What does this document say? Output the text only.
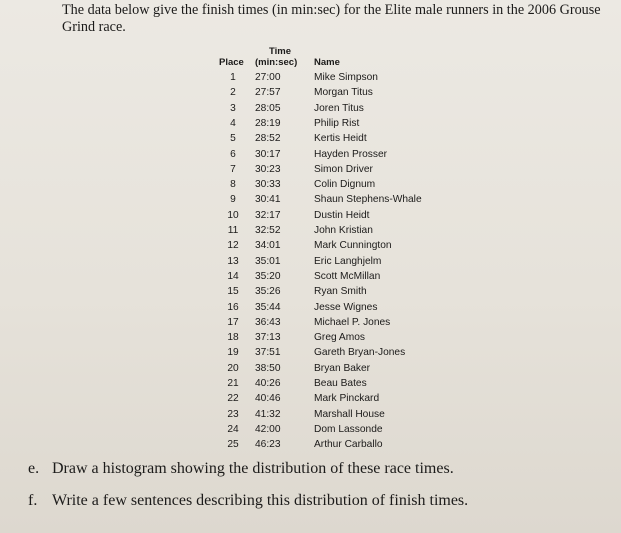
The data below give the finish times (in min:sec) for the Elite male runners in the 2006 Grouse Grind race.
Time
Place (min:sec) Name
1	27:00	Mike Simpson
2	27:57	Morgan Titus
3	28:05	Joren Titus
4	28:19	Philip Rist
5	28:52	Kertis Heidt
6	30:17	Hayden Prosser
7	30:23	Simon Driver
8	30:33	Colin Dignum
9	30:41	Shaun Stephens-Whale
10	32:17	Dustin Heidt
11	32:52	John Kristian
12	34:01	Mark Cunnington
13	35:01	Eric Langhjelm
14	35:20	Scott McMillan
15	35:26	Ryan Smith
16	35:44	Jesse Wignes
17	36:43	Michael P. Jones
18	37:13	Greg Amos
19	37:51	Gareth Bryan-Jones
20	38:50	Bryan Baker
21	40:26	Beau Bates
22	40:46	Mark Pinckard
23	41:32	Marshall House
24	42:00	Dom Lassonde
25	46:23	Arthur Carballo
e. Draw a histogram showing the distribution of these race times.
f. Write a few sentences describing this distribution of finish times.
